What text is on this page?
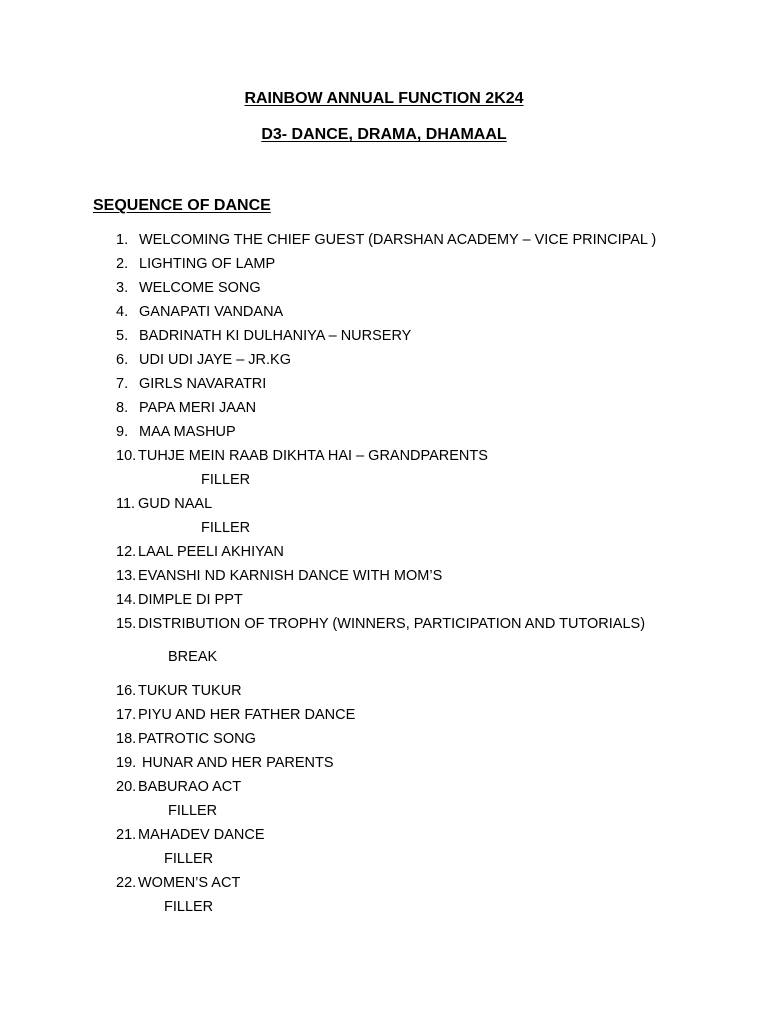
RAINBOW ANNUAL FUNCTION 2K24
D3- DANCE, DRAMA, DHAMAAL
SEQUENCE OF DANCE
1. WELCOMING THE CHIEF GUEST (DARSHAN ACADEMY – VICE PRINCIPAL )
2. LIGHTING OF LAMP
3. WELCOME SONG
4. GANAPATI VANDANA
5. BADRINATH KI DULHANIYA – NURSERY
6. UDI UDI JAYE – JR.KG
7. GIRLS NAVARATRI
8. PAPA MERI JAAN
9. MAA MASHUP
10. TUHJE MEIN RAAB DIKHTA HAI – GRANDPARENTS
FILLER
11. GUD NAAL
FILLER
12. LAAL PEELI AKHIYAN
13. EVANSHI ND KARNISH DANCE WITH MOM’S
14. DIMPLE DI PPT
15. DISTRIBUTION OF TROPHY (WINNERS, PARTICIPATION AND TUTORIALS)
BREAK
16. TUKUR TUKUR
17. PIYU AND HER FATHER DANCE
18. PATROTIC SONG
19. HUNAR AND HER PARENTS
20. BABURAO ACT
FILLER
21. MAHADEV DANCE
FILLER
22. WOMEN’S ACT
FILLER
